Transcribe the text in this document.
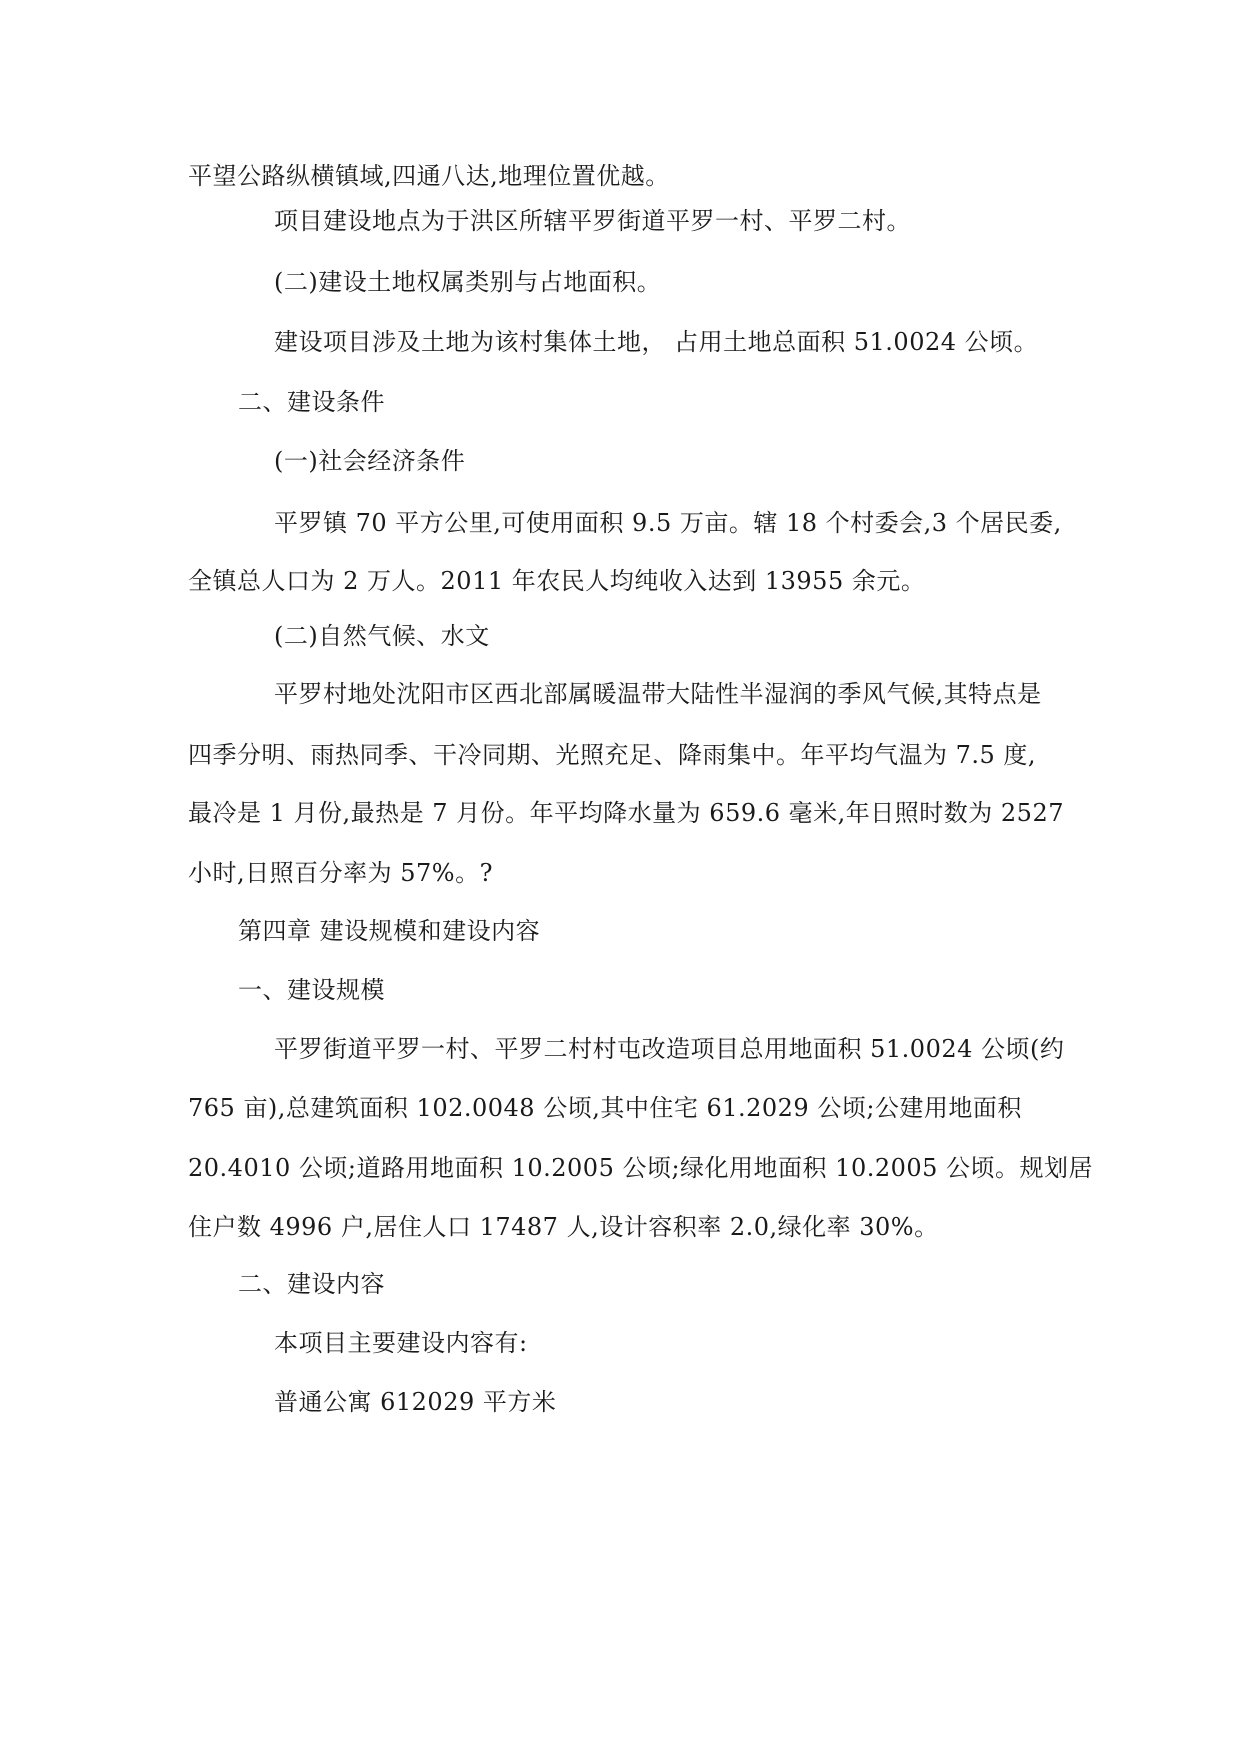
平望公路纵横镇域,四通八达,地理位置优越。
项目建设地点为于洪区所辖平罗街道平罗一村、平罗二村。
(二)建设土地权属类别与占地面积。
建设项目涉及土地为该村集体土地， 占用土地总面积 51.0024 公顷。
二、建设条件
(一)社会经济条件
平罗镇 70 平方公里,可使用面积 9.5 万亩。辖 18 个村委会,3 个居民委,
全镇总人口为 2 万人。2011 年农民人均纯收入达到 13955 余元。
(二)自然气候、水文
平罗村地处沈阳市区西北部属暖温带大陆性半湿润的季风气候,其特点是
四季分明、雨热同季、干冷同期、光照充足、降雨集中。年平均气温为 7.5 度,
最冷是 1 月份,最热是 7 月份。年平均降水量为 659.6 毫米,年日照时数为 2527
小时,日照百分率为 57%。?
第四章 建设规模和建设内容
一、建设规模
平罗街道平罗一村、平罗二村村屯改造项目总用地面积 51.0024 公顷(约
765 亩),总建筑面积 102.0048 公顷,其中住宅 61.2029 公顷;公建用地面积
20.4010 公顷;道路用地面积 10.2005 公顷;绿化用地面积 10.2005 公顷。规划居
住户数 4996 户,居住人口 17487 人,设计容积率 2.0,绿化率 30%。
二、建设内容
本项目主要建设内容有:
普通公寓 612029 平方米
